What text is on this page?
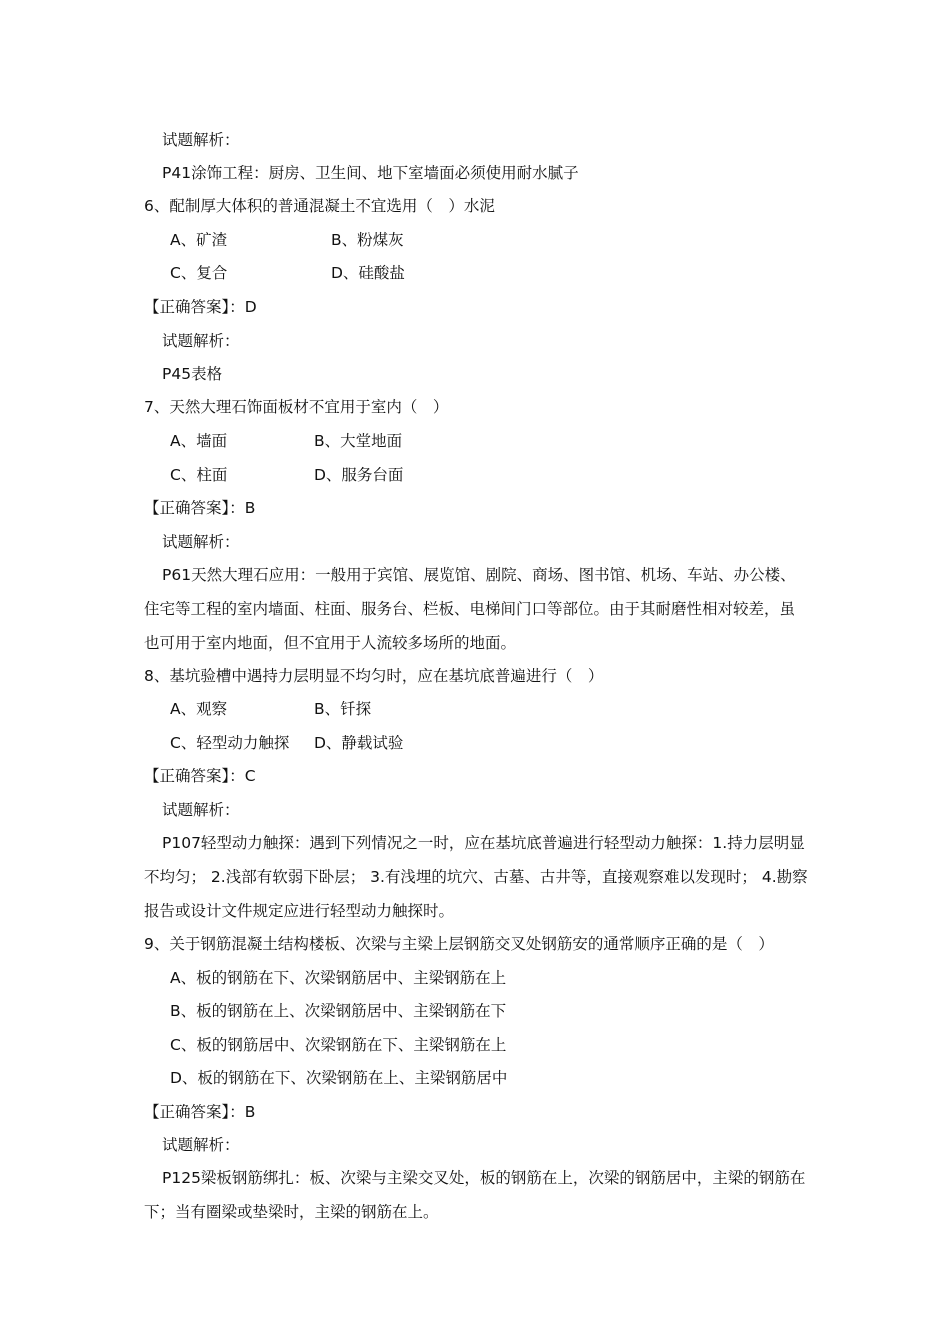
试题解析：
P41涂饰工程：厨房、卫生间、地下室墙面必须使用耐水腻子
6、配制厚大体积的普通混凝土不宜选用（　）水泥
A、矿渣	B、粉煤灰
C、复合	D、硅酸盐
【正确答案】：D
试题解析：
P45表格
7、天然大理石饰面板材不宜用于室内（　）
A、墙面	B、大堂地面
C、柱面	D、服务台面
【正确答案】：B
试题解析：
P61天然大理石应用：一般用于宾馆、展览馆、剧院、商场、图书馆、机场、车站、办公楼、住宅等工程的室内墙面、柱面、服务台、栏板、电梯间门口等部位。由于其耐磨性相对较差，虽也可用于室内地面，但不宜用于人流较多场所的地面。
8、基坑验槽中遇持力层明显不均匀时，应在基坑底普遍进行（　）
A、观察	B、钎探
C、轻型动力触探 D、静载试验
【正确答案】：C
试题解析：
P107轻型动力触探：遇到下列情况之一时，应在基坑底普遍进行轻型动力触探：1.持力层明显不均匀； 2.浅部有软弱下卧层； 3.有浅埋的坑穴、古墓、古井等，直接观察难以发现时； 4.勘察报告或设计文件规定应进行轻型动力触探时。
9、关于钢筋混凝土结构楼板、次梁与主梁上层钢筋交叉处钢筋安的通常顺序正确的是（　）
A、板的钢筋在下、次梁钢筋居中、主梁钢筋在上
B、板的钢筋在上、次梁钢筋居中、主梁钢筋在下
C、板的钢筋居中、次梁钢筋在下、主梁钢筋在上
D、板的钢筋在下、次梁钢筋在上、主梁钢筋居中
【正确答案】：B
试题解析：
P125梁板钢筋绑扎：板、次梁与主梁交叉处，板的钢筋在上，次梁的钢筋居中，主梁的钢筋在下；当有圈梁或垫梁时，主梁的钢筋在上。
